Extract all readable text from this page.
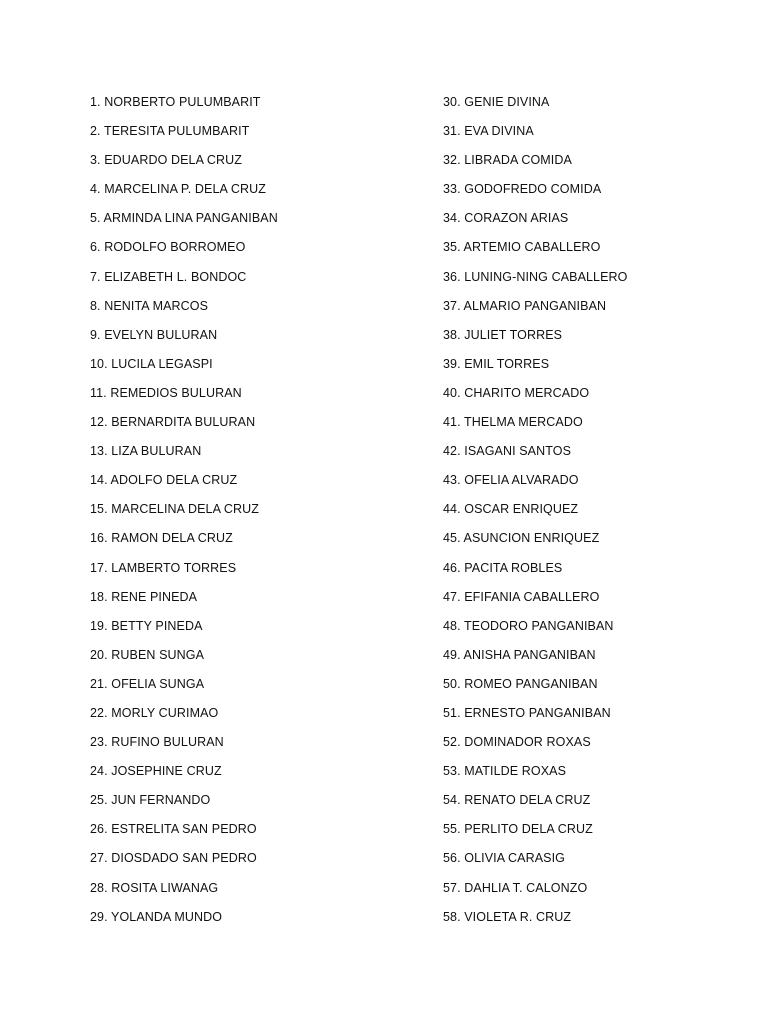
1. NORBERTO PULUMBARIT
2. TERESITA PULUMBARIT
3. EDUARDO DELA CRUZ
4. MARCELINA P. DELA CRUZ
5. ARMINDA LINA PANGANIBAN
6. RODOLFO BORROMEO
7. ELIZABETH L. BONDOC
8. NENITA MARCOS
9. EVELYN BULURAN
10. LUCILA LEGASPI
11. REMEDIOS BULURAN
12. BERNARDITA BULURAN
13. LIZA BULURAN
14. ADOLFO DELA CRUZ
15. MARCELINA DELA CRUZ
16. RAMON DELA CRUZ
17. LAMBERTO TORRES
18. RENE PINEDA
19. BETTY PINEDA
20. RUBEN SUNGA
21. OFELIA SUNGA
22. MORLY CURIMAO
23. RUFINO BULURAN
24. JOSEPHINE CRUZ
25. JUN FERNANDO
26. ESTRELITA SAN PEDRO
27. DIOSDADO SAN PEDRO
28. ROSITA LIWANAG
29. YOLANDA MUNDO
30. GENIE DIVINA
31. EVA DIVINA
32. LIBRADA COMIDA
33. GODOFREDO COMIDA
34. CORAZON ARIAS
35. ARTEMIO CABALLERO
36. LUNING-NING CABALLERO
37. ALMARIO PANGANIBAN
38. JULIET TORRES
39. EMIL TORRES
40. CHARITO MERCADO
41. THELMA MERCADO
42. ISAGANI SANTOS
43. OFELIA ALVARADO
44. OSCAR ENRIQUEZ
45. ASUNCION ENRIQUEZ
46. PACITA ROBLES
47. EFIFANIA CABALLERO
48. TEODORO PANGANIBAN
49. ANISHA PANGANIBAN
50. ROMEO PANGANIBAN
51. ERNESTO PANGANIBAN
52. DOMINADOR ROXAS
53. MATILDE ROXAS
54. RENATO DELA CRUZ
55. PERLITO DELA CRUZ
56. OLIVIA CARASIG
57. DAHLIA T. CALONZO
58. VIOLETA R. CRUZ
